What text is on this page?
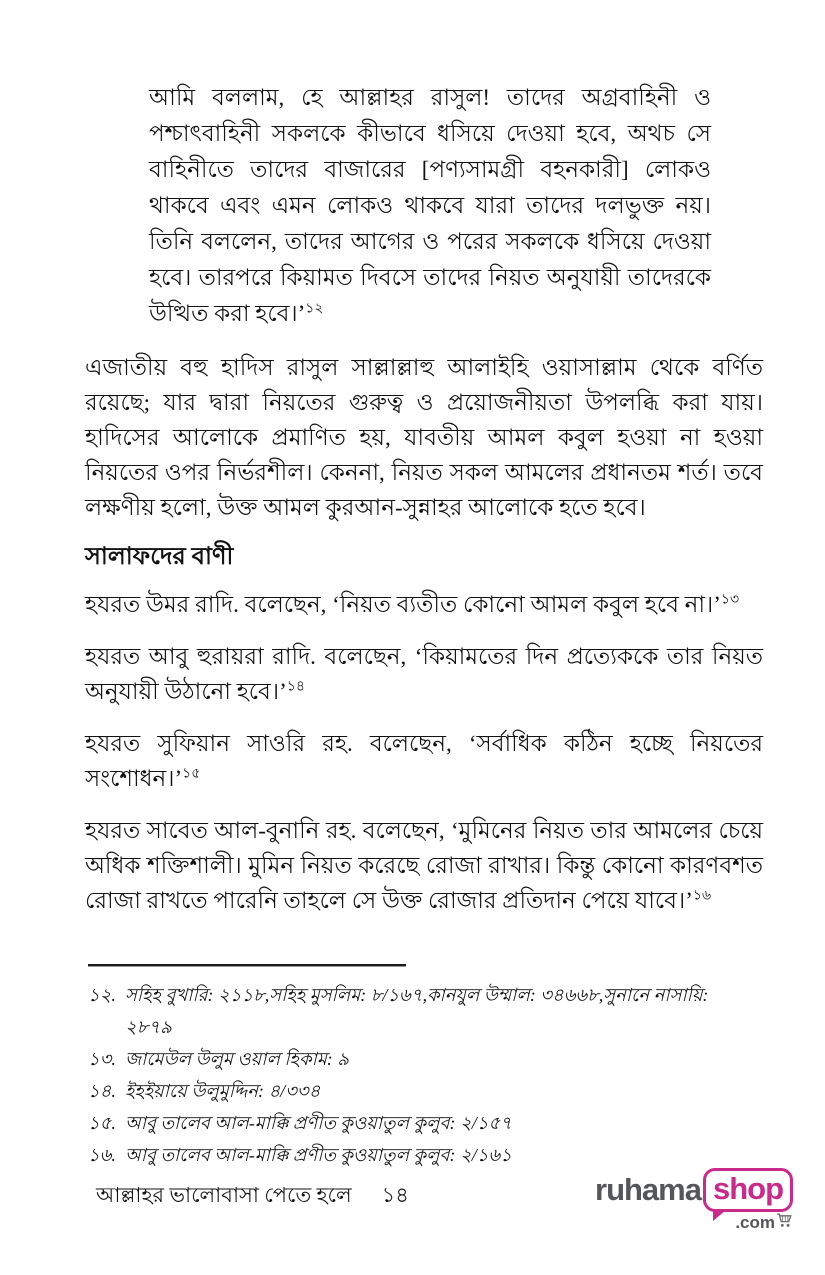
আমি বললাম, হে আল্লাহর রাসুল! তাদের অগ্রবাহিনী ও পশ্চাৎবাহিনী সকলকে কীভাবে ধসিয়ে দেওয়া হবে, অথচ সে বাহিনীতে তাদের বাজারের [পণ্যসামগ্রী বহনকারী] লোকও থাকবে এবং এমন লোকও থাকবে যারা তাদের দলভুক্ত নয়। তিনি বললেন, তাদের আগের ও পরের সকলকে ধসিয়ে দেওয়া হবে। তারপরে কিয়ামত দিবসে তাদের নিয়ত অনুযায়ী তাদেরকে উত্থিত করা হবে।’$^{১২}$

এজাতীয় বহু হাদিস রাসুল সাল্লাল্লাহু আলাইহি ওয়াসাল্লাম থেকে বর্ণিত রয়েছে; যার দ্বারা নিয়তের গুরুত্ব ও প্রয়োজনীয়তা উপলব্ধি করা যায়। হাদিসের আলোকে প্রমাণিত হয়, যাবতীয় আমল কবুল হওয়া না হওয়া নিয়তের ওপর নির্ভরশীল। কেননা, নিয়ত সকল আমলের প্রধানতম শর্ত। তবে লক্ষণীয় হলো, উক্ত আমল কুরআন-সুন্নাহর আলোকে হতে হবে।

সালাফদের বাণী

হযরত উমর রাদি. বলেছেন, ‘নিয়ত ব্যতীত কোনো আমল কবুল হবে না।’$^{১৩}$

হযরত আবু হুরায়রা রাদি. বলেছেন, ‘কিয়ামতের দিন প্রত্যেককে তার নিয়ত অনুযায়ী উঠানো হবে।’$^{১৪}$

হযরত সুফিয়ান সাওরি রহ. বলেছেন, ‘সর্বাধিক কঠিন হচ্ছে নিয়তের সংশোধন।’$^{১৫}$

হযরত সাবেত আল-বুনানি রহ. বলেছেন, ‘মুমিনের নিয়ত তার আমলের চেয়ে অধিক শক্তিশালী। মুমিন নিয়ত করেছে রোজা রাখার। কিন্তু কোনো কারণবশত রোজা রাখতে পারেনি তাহলে সে উক্ত রোজার প্রতিদান পেয়ে যাবে।’$^{১৬}$

১২. সহিহ বুখারি: ২১১৮,সহিহ মুসলিম: ৮/১৬৭,কানযুল উম্মাল: ৩৪৬৬৮,সুনানে নাসায়ি: ২৮৭৯
১৩. জামেউল উলুম ওয়াল হিকাম: ৯
১৪. ইহইয়ায়ে উলুমুদ্দিন: ৪/৩৩৪
১৫. আবু তালেব আল-মাক্কি প্রণীত কুওয়াতুল কুলুব: ২/১৫৭
১৬. আবু তালেব আল-মাক্কি প্রণীত কুওয়াতুল কুলুব: ২/১৬১
আল্লাহর ভালোবাসা পেতে হলে ১৪	ruhama shop
.com
